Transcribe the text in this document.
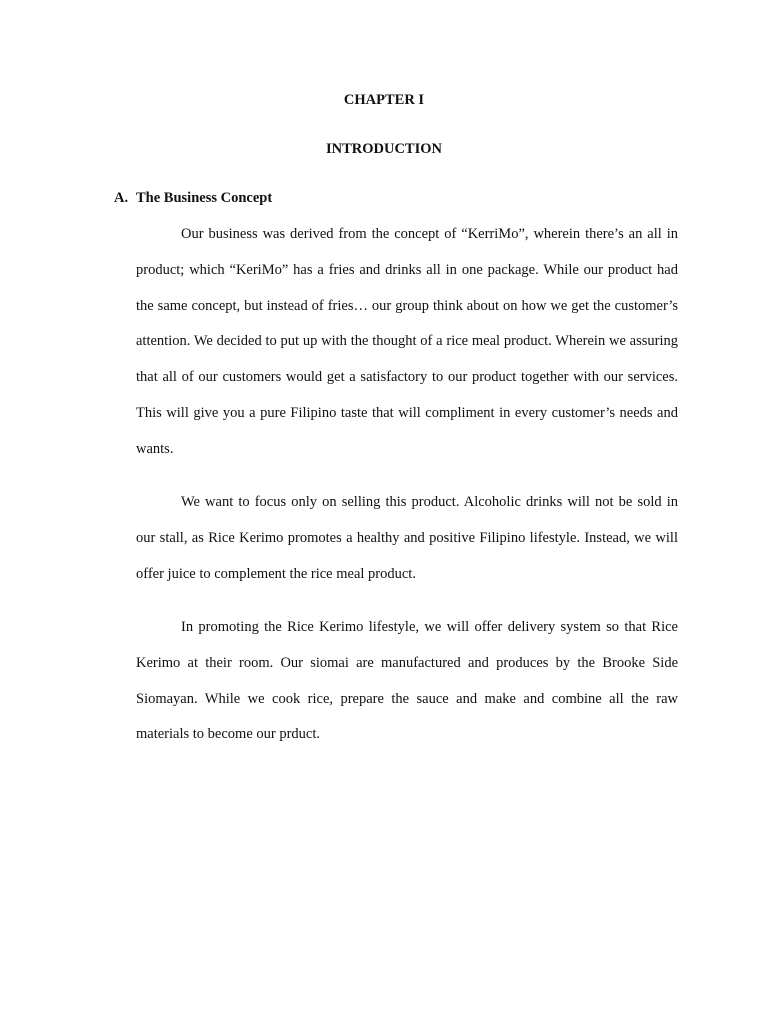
CHAPTER I
INTRODUCTION
A. The Business Concept

Our business was derived from the concept of “KerriMo”, wherein there’s an all in product; which “KeriMo” has a fries and drinks all in one package. While our product had the same concept, but instead of fries… our group think about on how we get the customer’s attention. We decided to put up with the thought of a rice meal product. Wherein we assuring that all of our customers would get a satisfactory to our product together with our services. This will give you a pure Filipino taste that will compliment in every customer’s needs and wants.

We want to focus only on selling this product. Alcoholic drinks will not be sold in our stall, as Rice Kerimo promotes a healthy and positive Filipino lifestyle. Instead, we will offer juice to complement the rice meal product.

In promoting the Rice Kerimo lifestyle, we will offer delivery system so that Rice Kerimo at their room. Our siomai are manufactured and produces by the Brooke Side Siomayan. While we cook rice, prepare the sauce and make and combine all the raw materials to become our prduct.
